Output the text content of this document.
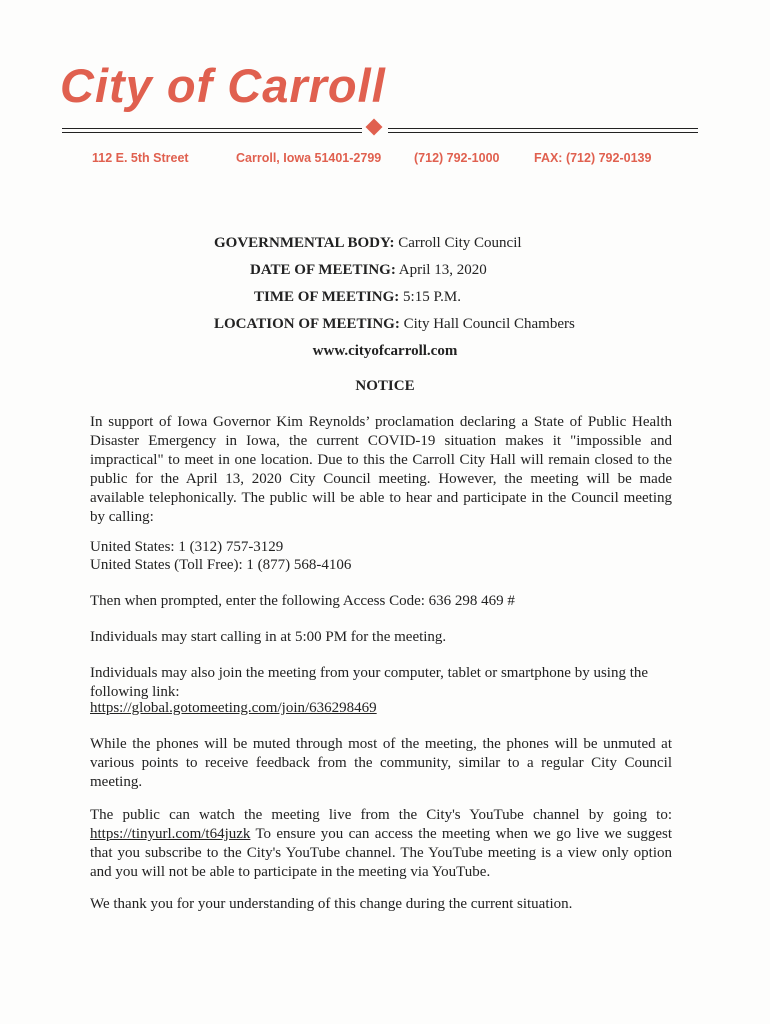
City of Carroll
112 E. 5th Street	Carroll, Iowa 51401-2799	(712) 792-1000	FAX: (712) 792-0139
GOVERNMENTAL BODY: Carroll City Council
DATE OF MEETING: April 13, 2020
TIME OF MEETING: 5:15 P.M.
LOCATION OF MEETING: City Hall Council Chambers
www.cityofcarroll.com
NOTICE

In support of Iowa Governor Kim Reynolds’ proclamation declaring a State of Public Health Disaster Emergency in Iowa, the current COVID-19 situation makes it "impossible and impractical" to meet in one location. Due to this the Carroll City Hall will remain closed to the public for the April 13, 2020 City Council meeting. However, the meeting will be made available telephonically. The public will be able to hear and participate in the Council meeting by calling:

United States: 1 (312) 757-3129
United States (Toll Free): 1 (877) 568-4106
Then when prompted, enter the following Access Code: 636 298 469 #
Individuals may start calling in at 5:00 PM for the meeting.

Individuals may also join the meeting from your computer, tablet or smartphone by using the following link:

https://global.gotomeeting.com/join/636298469

While the phones will be muted through most of the meeting, the phones will be unmuted at various points to receive feedback from the community, similar to a regular City Council meeting.

The public can watch the meeting live from the City's YouTube channel by going to: https://tinyurl.com/t64juzk To ensure you can access the meeting when we go live we suggest that you subscribe to the City's YouTube channel. The YouTube meeting is a view only option and you will not be able to participate in the meeting via YouTube.

We thank you for your understanding of this change during the current situation.
